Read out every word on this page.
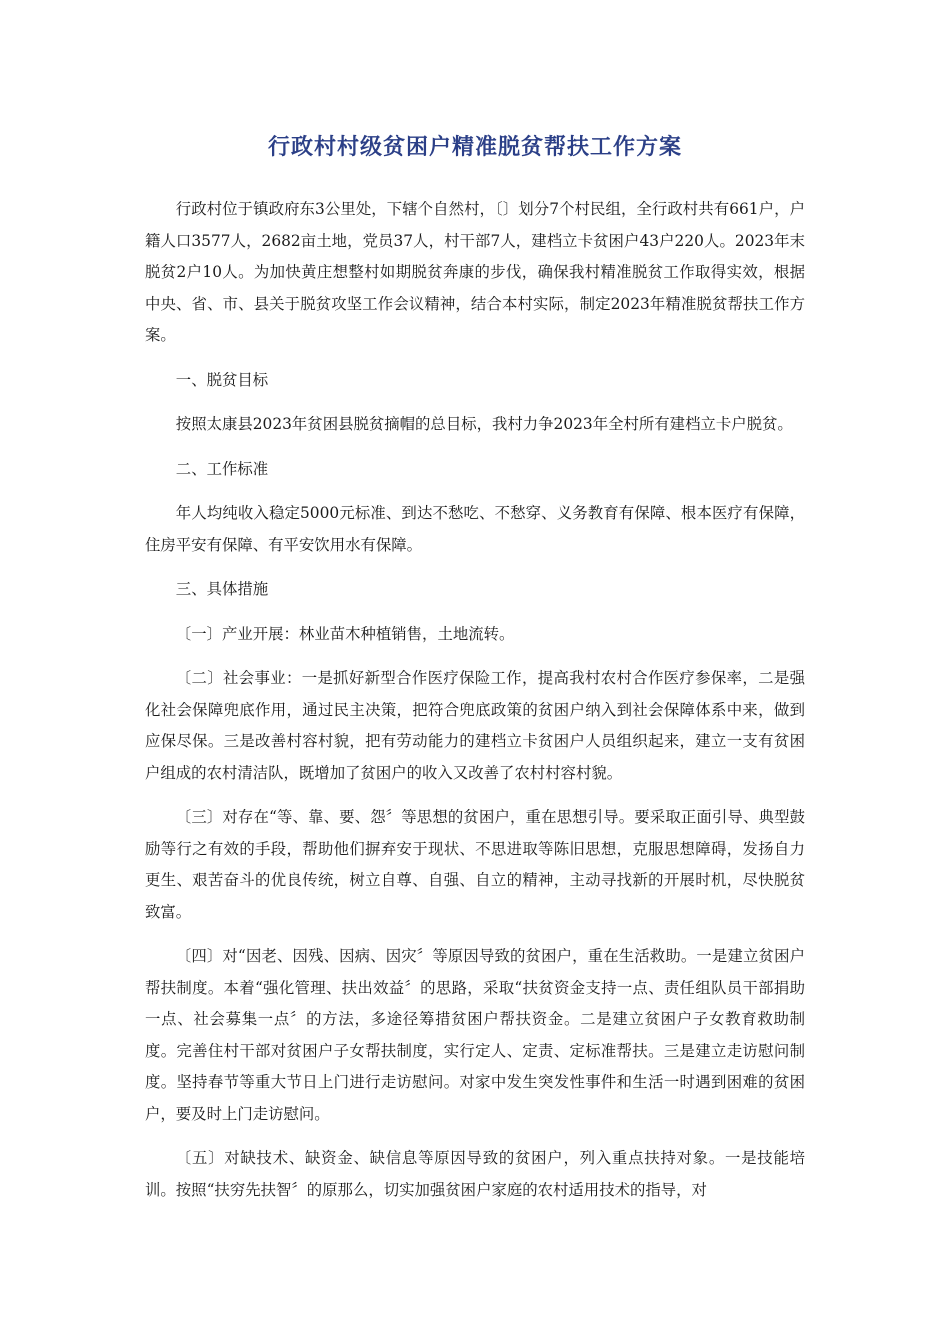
行政村村级贫困户精准脱贫帮扶工作方案

行政村位于镇政府东3公里处，下辖个自然村，〔〕划分7个村民组，全行政村共有661户，户籍人口3577人，2682亩土地，党员37人，村干部7人，建档立卡贫困户43户220人。2023年末脱贫2户10人。为加快黄庄想整村如期脱贫奔康的步伐，确保我村精准脱贫工作取得实效，根据中央、省、市、县关于脱贫攻坚工作会议精神，结合本村实际，制定2023年精准脱贫帮扶工作方案。

一、脱贫目标

按照太康县2023年贫困县脱贫摘帽的总目标，我村力争2023年全村所有建档立卡户脱贫。

二、工作标准

年人均纯收入稳定5000元标准、到达不愁吃、不愁穿、义务教育有保障、根本医疗有保障，住房平安有保障、有平安饮用水有保障。

三、具体措施

〔一〕产业开展：林业苗木种植销售，土地流转。

〔二〕社会事业：一是抓好新型合作医疗保险工作，提高我村农村合作医疗参保率，二是强化社会保障兜底作用，通过民主决策，把符合兜底政策的贫困户纳入到社会保障体系中来，做到应保尽保。三是改善村容村貌，把有劳动能力的建档立卡贫困户人员组织起来，建立一支有贫困户组成的农村清洁队，既增加了贫困户的收入又改善了农村村容村貌。

〔三〕对存在“等、靠、要、怨〞等思想的贫困户，重在思想引导。要采取正面引导、典型鼓励等行之有效的手段，帮助他们摒弃安于现状、不思进取等陈旧思想，克服思想障碍，发扬自力更生、艰苦奋斗的优良传统，树立自尊、自强、自立的精神，主动寻找新的开展时机，尽快脱贫致富。

〔四〕对“因老、因残、因病、因灾〞等原因导致的贫困户，重在生活救助。一是建立贫困户帮扶制度。本着“强化管理、扶出效益〞的思路，采取“扶贫资金支持一点、责任组队员干部捐助一点、社会募集一点〞的方法，多途径筹措贫困户帮扶资金。二是建立贫困户子女教育救助制度。完善住村干部对贫困户子女帮扶制度，实行定人、定责、定标准帮扶。三是建立走访慰问制度。坚持春节等重大节日上门进行走访慰问。对家中发生突发性事件和生活一时遇到困难的贫困户，要及时上门走访慰问。

〔五〕对缺技术、缺资金、缺信息等原因导致的贫困户，列入重点扶持对象。一是技能培训。按照“扶穷先扶智〞的原那么，切实加强贫困户家庭的农村适用技术的指导，对
